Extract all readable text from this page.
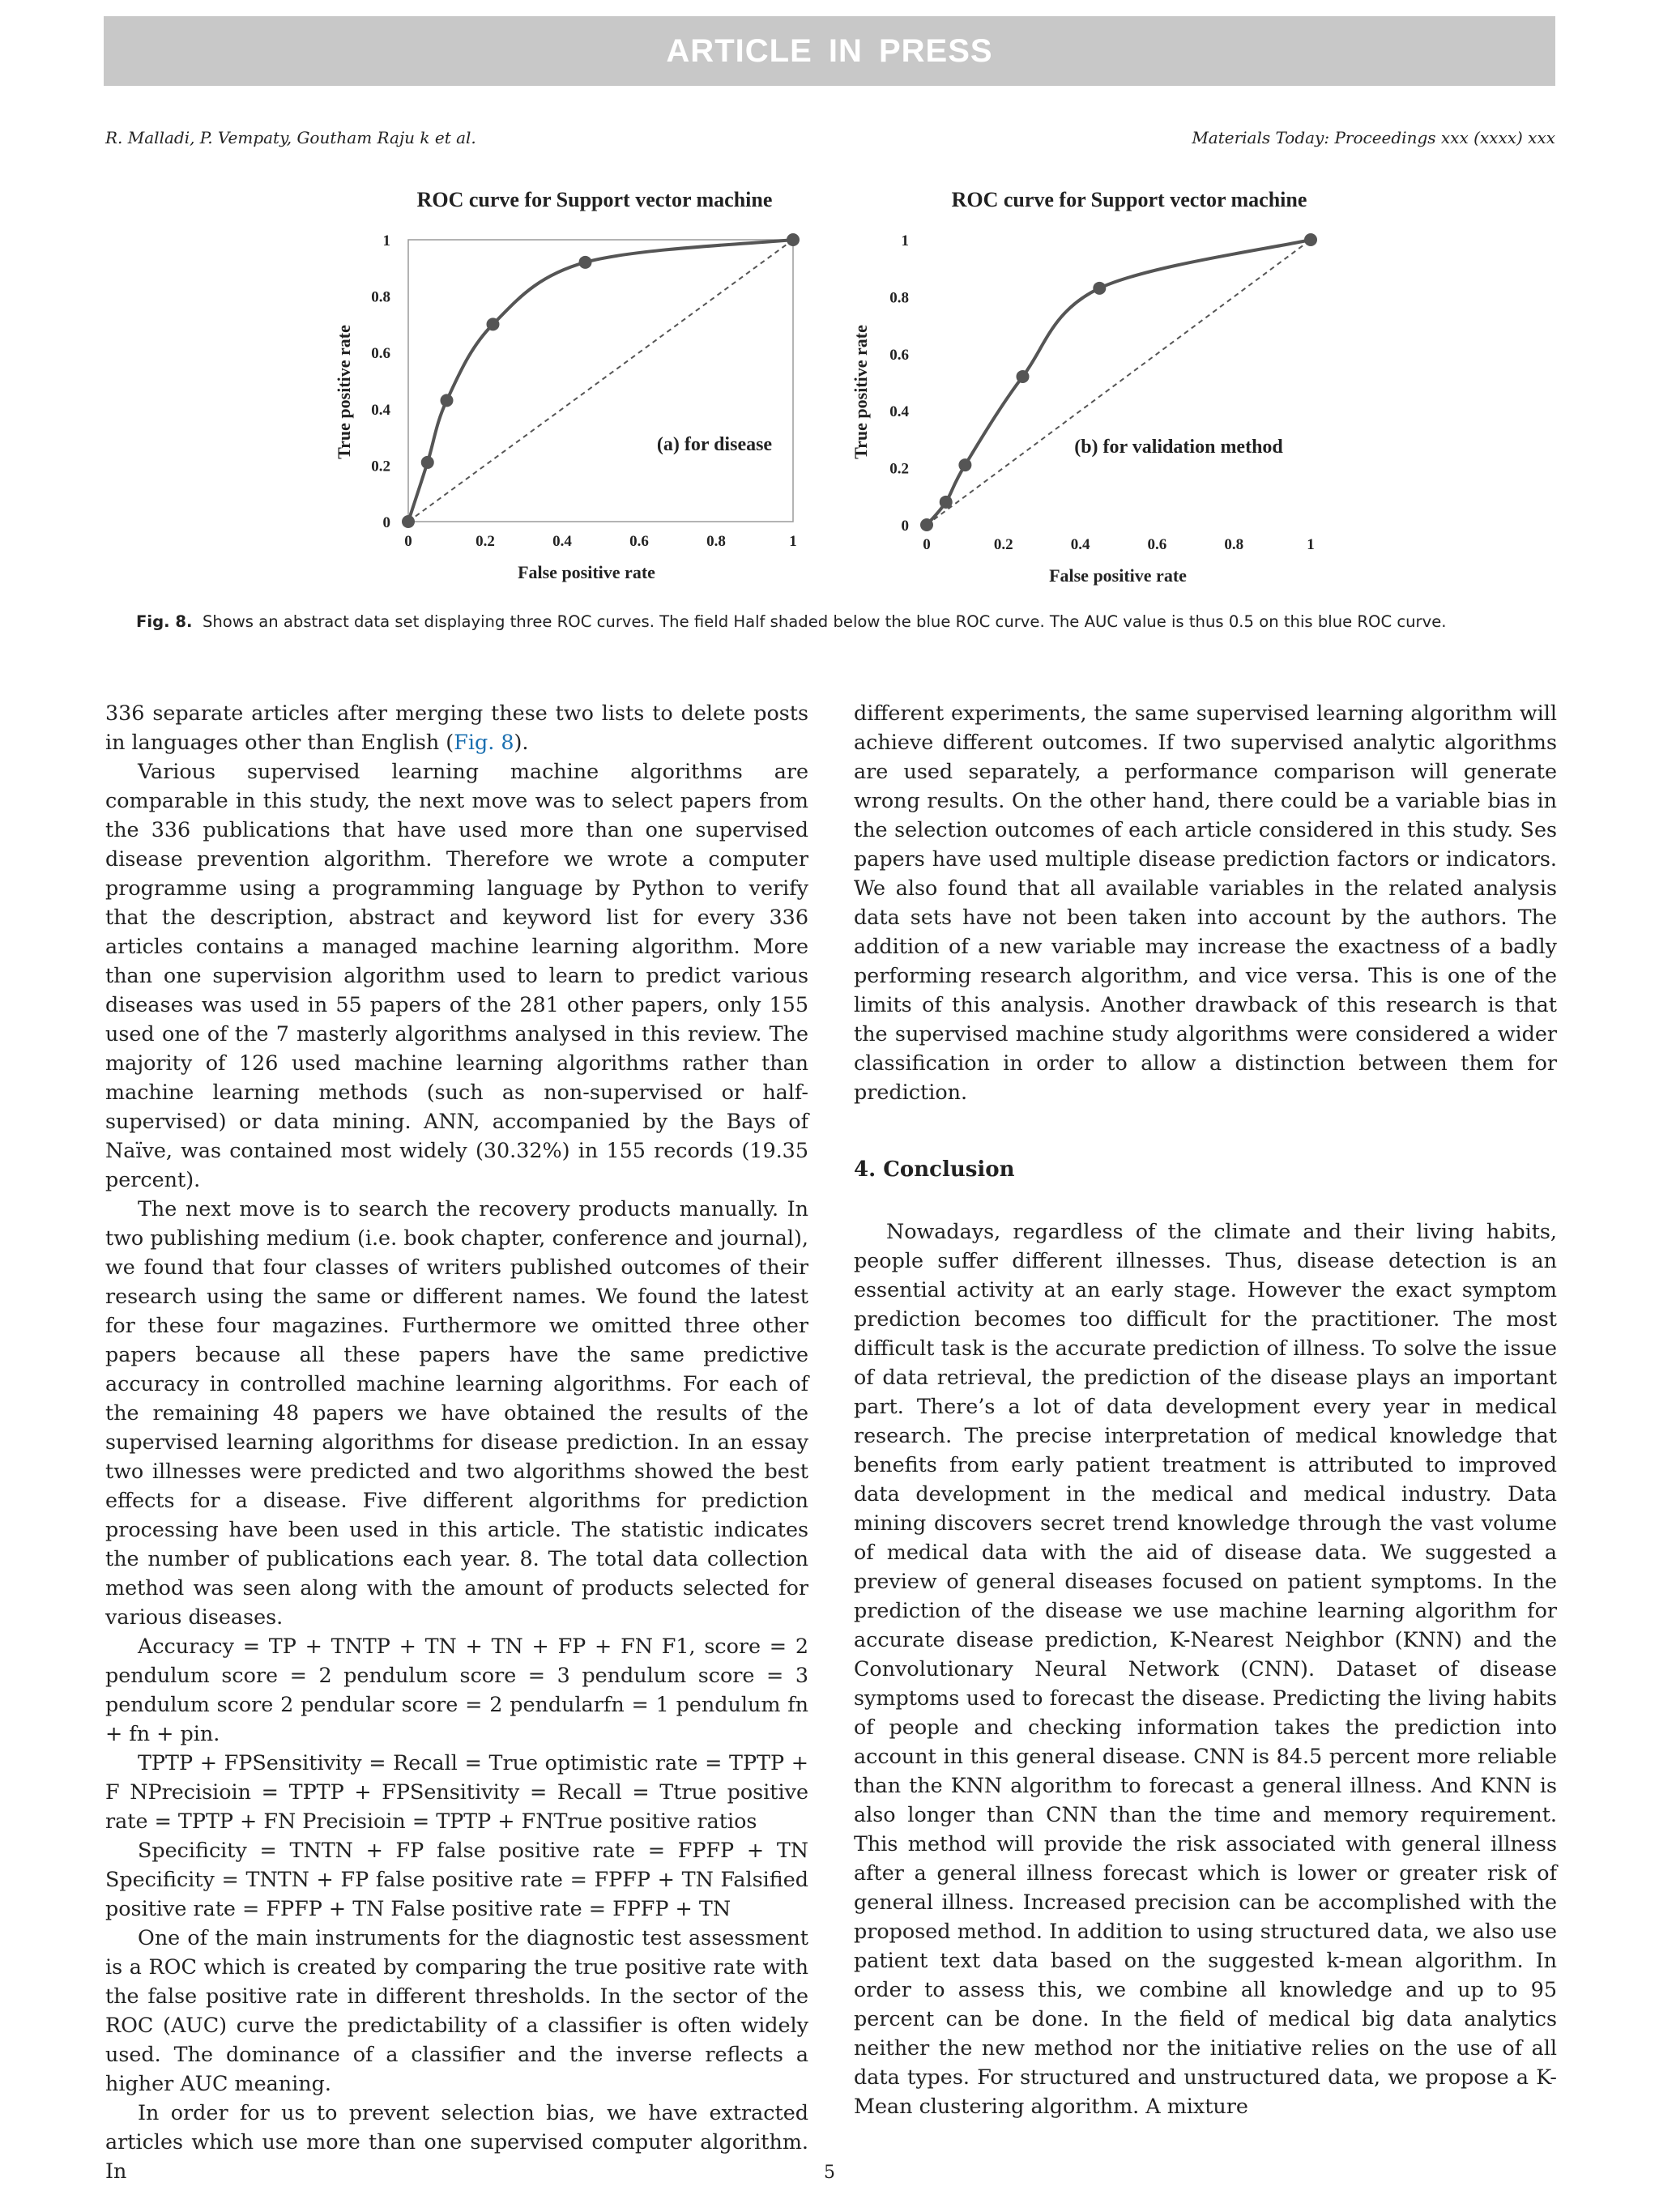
ARTICLE IN PRESS
R. Malladi, P. Vempaty, Goutham Raju k et al.	Materials Today: Proceedings xxx (xxxx) xxx
ROC curve for Support vector machine
0
0.2
0.4
0.6
0.8
1
0	0.2	0.4	0.6	0.8	1
(a) for disease
False positive rate
True positive rate
ROC curve for Support vector machine
0
0.2
0.4
0.6
0.8
1
0	0.2	0.4	0.6	0.8	1
(b) for validation method
False positive rate
True positive rate
Fig. 8. Shows an abstract data set displaying three ROC curves. The field Half shaded below the blue ROC curve. The AUC value is thus 0.5 on this blue ROC curve.

336 separate articles after merging these two lists to delete posts in languages other than English (Fig. 8).

Various supervised learning machine algorithms are comparable in this study, the next move was to select papers from the 336 publications that have used more than one supervised disease prevention algorithm. Therefore we wrote a computer programme using a programming language by Python to verify that the description, abstract and keyword list for every 336 articles contains a managed machine learning algorithm. More than one supervision algorithm used to learn to predict various diseases was used in 55 papers of the 281 other papers, only 155 used one of the 7 masterly algorithms analysed in this review. The majority of 126 used machine learning algorithms rather than machine learning methods (such as non-supervised or half-supervised) or data mining. ANN, accompanied by the Bays of Naïve, was contained most widely (30.32%) in 155 records (19.35 percent).

The next move is to search the recovery products manually. In two publishing medium (i.e. book chapter, conference and journal), we found that four classes of writers published outcomes of their research using the same or different names. We found the latest for these four magazines. Furthermore we omitted three other papers because all these papers have the same predictive accuracy in controlled machine learning algorithms. For each of the remaining 48 papers we have obtained the results of the supervised learning algorithms for disease prediction. In an essay two illnesses were predicted and two algorithms showed the best effects for a disease. Five different algorithms for prediction processing have been used in this article. The statistic indicates the number of publications each year. 8. The total data collection method was seen along with the amount of products selected for various diseases.

Accuracy = TP + TNTP + TN + TN + FP + FN F1, score = 2 pendulum score = 2 pendulum score = 3 pendulum score = 3 pendulum score 2 pendular score = 2 pendularfn = 1 pendulum fn + fn + pin.

TPTP + FPSensitivity = Recall = True optimistic rate = TPTP + F NPrecisioin = TPTP + FPSensitivity = Recall = Ttrue positive rate = TPTP + FN Precisioin = TPTP + FNTrue positive ratios

Specificity = TNTN + FP false positive rate = FPFP + TN Specificity = TNTN + FP false positive rate = FPFP + TN Falsified positive rate = FPFP + TN False positive rate = FPFP + TN

One of the main instruments for the diagnostic test assessment is a ROC which is created by comparing the true positive rate with the false positive rate in different thresholds. In the sector of the ROC (AUC) curve the predictability of a classifier is often widely used. The dominance of a classifier and the inverse reflects a higher AUC meaning.

In order for us to prevent selection bias, we have extracted articles which use more than one supervised computer algorithm. In

different experiments, the same supervised learning algorithm will achieve different outcomes. If two supervised analytic algorithms are used separately, a performance comparison will generate wrong results. On the other hand, there could be a variable bias in the selection outcomes of each article considered in this study. Ses papers have used multiple disease prediction factors or indicators. We also found that all available variables in the related analysis data sets have not been taken into account by the authors. The addition of a new variable may increase the exactness of a badly performing research algorithm, and vice versa. This is one of the limits of this analysis. Another drawback of this research is that the supervised machine study algorithms were considered a wider classification in order to allow a distinction between them for prediction.

4. Conclusion

Nowadays, regardless of the climate and their living habits, people suffer different illnesses. Thus, disease detection is an essential activity at an early stage. However the exact symptom prediction becomes too difficult for the practitioner. The most difficult task is the accurate prediction of illness. To solve the issue of data retrieval, the prediction of the disease plays an important part. There’s a lot of data development every year in medical research. The precise interpretation of medical knowledge that benefits from early patient treatment is attributed to improved data development in the medical and medical industry. Data mining discovers secret trend knowledge through the vast volume of medical data with the aid of disease data. We suggested a preview of general diseases focused on patient symptoms. In the prediction of the disease we use machine learning algorithm for accurate disease prediction, K-Nearest Neighbor (KNN) and the Convolutionary Neural Network (CNN). Dataset of disease symptoms used to forecast the disease. Predicting the living habits of people and checking information takes the prediction into account in this general disease. CNN is 84.5 percent more reliable than the KNN algorithm to forecast a general illness. And KNN is also longer than CNN than the time and memory requirement. This method will provide the risk associated with general illness after a general illness forecast which is lower or greater risk of general illness. Increased precision can be accomplished with the proposed method. In addition to using structured data, we also use patient text data based on the suggested k-mean algorithm. In order to assess this, we combine all knowledge and up to 95 percent can be done. In the field of medical big data analytics neither the new method nor the initiative relies on the use of all data types. For structured and unstructured data, we propose a K-Mean clustering algorithm. A mixture

5
